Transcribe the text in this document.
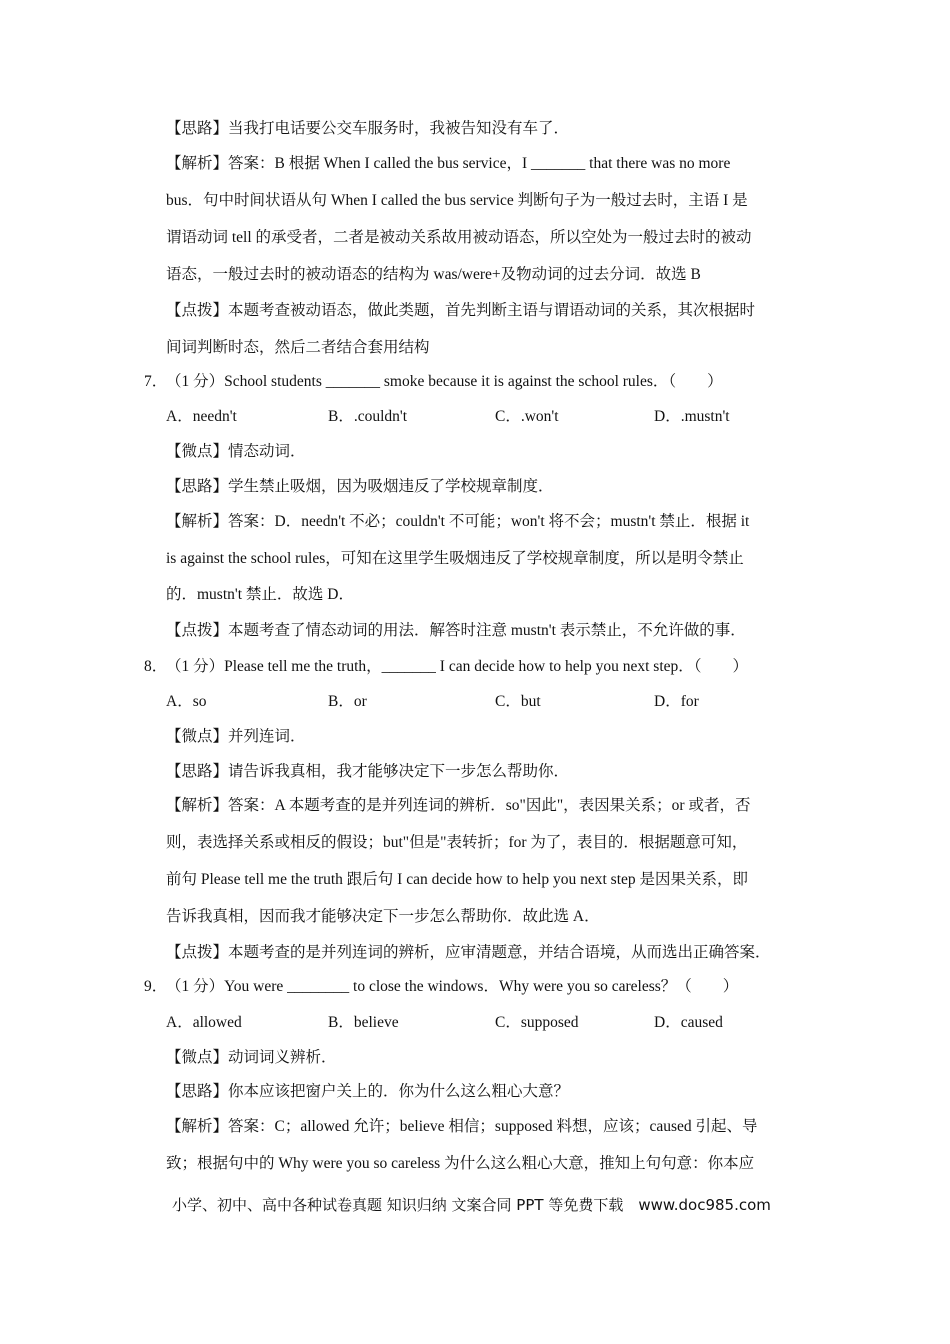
【思路】当我打电话要公交车服务时，我被告知没有车了．
【解析】答案：B 根据 When I called the bus service，I _______ that there was no more
bus．句中时间状语从句 When I called the bus service 判断句子为一般过去时，主语 I 是
谓语动词 tell 的承受者，二者是被动关系故用被动语态，所以空处为一般过去时的被动
语态，一般过去时的被动语态的结构为 was/were+及物动词的过去分词．故选 B
【点拨】本题考查被动语态，做此类题，首先判断主语与谓语动词的关系，其次根据时
间词判断时态，然后二者结合套用结构
7．
（1 分）School students _______ smoke because it is against the school rules．（　　）
A．needn't	B．.couldn't	C．.won't	D．.mustn't
【微点】情态动词．
【思路】学生禁止吸烟，因为吸烟违反了学校规章制度．
【解析】答案：D．needn't 不必；couldn't 不可能；won't 将不会；mustn't 禁止．根据 it
is against the school rules，可知在这里学生吸烟违反了学校规章制度，所以是明令禁止
的．mustn't 禁止．故选 D．
【点拨】本题考查了情态动词的用法．解答时注意 mustn't 表示禁止，不允许做的事．
8．
（1 分）Please tell me the truth，_______ I can decide how to help you next step．（　　）
A．so	B．or	C．but	D．for
【微点】并列连词．
【思路】请告诉我真相，我才能够决定下一步怎么帮助你．
【解析】答案：A 本题考查的是并列连词的辨析．so"因此"，表因果关系；or 或者，否
则，表选择关系或相反的假设；but"但是"表转折；for 为了，表目的．根据题意可知，
前句 Please tell me the truth 跟后句 I can decide how to help you next step 是因果关系，即
告诉我真相，因而我才能够决定下一步怎么帮助你．故此选 A．
【点拨】本题考查的是并列连词的辨析，应审清题意，并结合语境，从而选出正确答案．
9．
（1 分）You were ________ to close the windows．Why were you so careless？（　　）
A．allowed	B．believe	C．supposed	D．caused
【微点】动词词义辨析．
【思路】你本应该把窗户关上的．你为什么这么粗心大意？
【解析】答案：C；allowed 允许；believe 相信；supposed 料想，应该；caused 引起、导
致；根据句中的 Why were you so careless 为什么这么粗心大意，推知上句句意：你本应
小学、初中、高中各种试卷真题 知识归纳 文案合同 PPT 等免费下载　www.doc985.com
